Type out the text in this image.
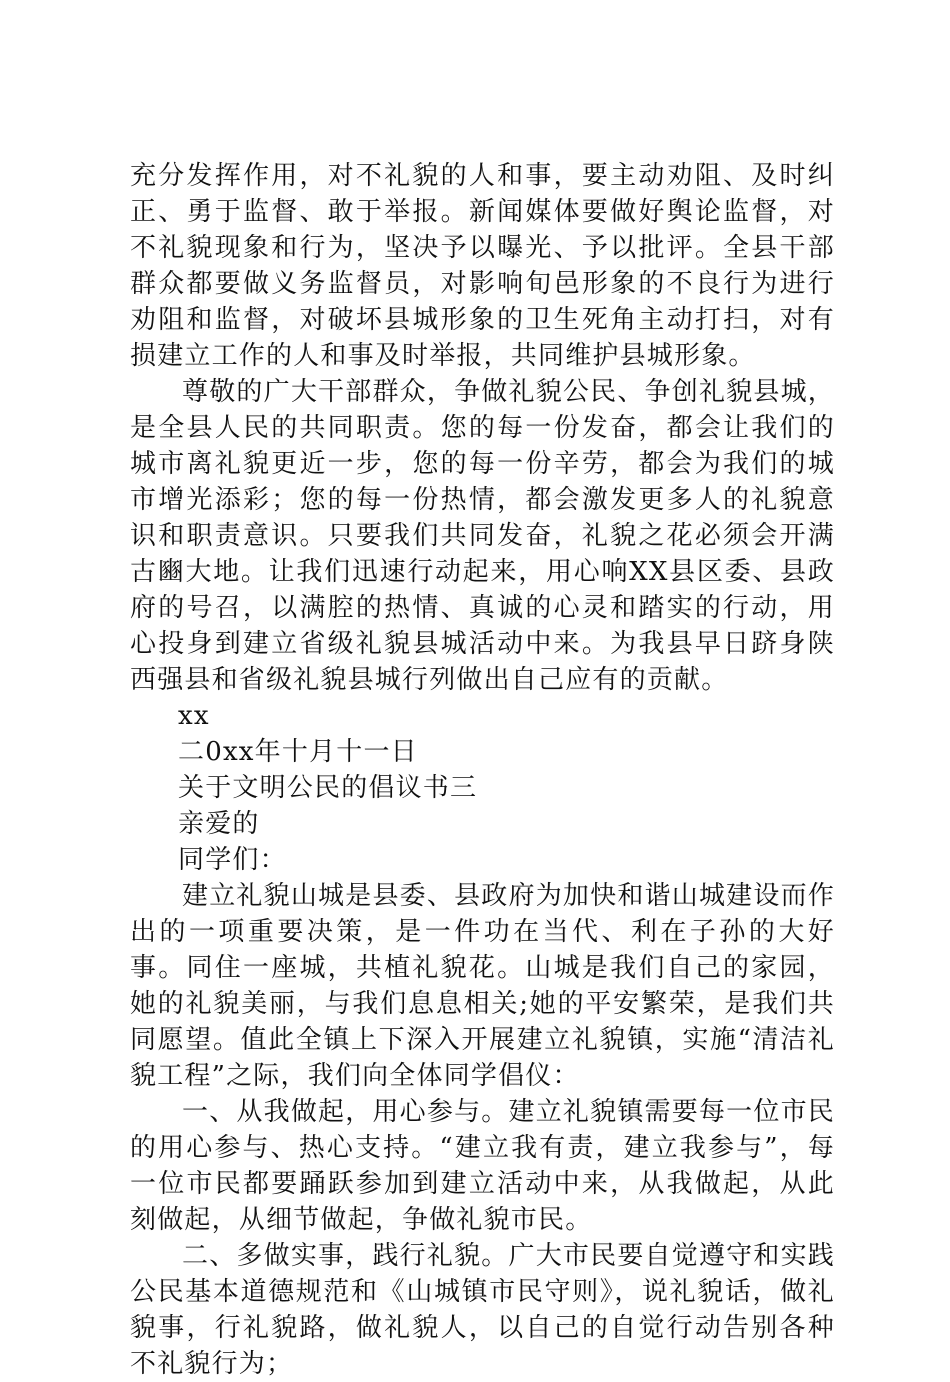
充分发挥作用，对不礼貌的人和事，要主动劝阻、及时纠正、勇于监督、敢于举报。新闻媒体要做好舆论监督，对不礼貌现象和行为，坚决予以曝光、予以批评。全县干部群众都要做义务监督员，对影响旬邑形象的不良行为进行劝阻和监督，对破坏县城形象的卫生死角主动打扫，对有损建立工作的人和事及时举报，共同维护县城形象。

尊敬的广大干部群众，争做礼貌公民、争创礼貌县城，是全县人民的共同职责。您的每一份发奋，都会让我们的城市离礼貌更近一步，您的每一份辛劳，都会为我们的城市增光添彩；您的每一份热情，都会激发更多人的礼貌意识和职责意识。只要我们共同发奋，礼貌之花必须会开满古豳大地。让我们迅速行动起来，用心响XX县区委、县政府的号召，以满腔的热情、真诚的心灵和踏实的行动，用心投身到建立省级礼貌县城活动中来。为我县早日跻身陕西强县和省级礼貌县城行列做出自己应有的贡献。

xx

二0xx年十月十一日

关于文明公民的倡议书三

亲爱的

同学们：

建立礼貌山城是县委、县政府为加快和谐山城建设而作出的一项重要决策，是一件功在当代、利在子孙的大好事。同住一座城，共植礼貌花。山城是我们自己的家园，她的礼貌美丽，与我们息息相关;她的平安繁荣，是我们共同愿望。值此全镇上下深入开展建立礼貌镇，实施“清洁礼貌工程”之际，我们向全体同学倡仪：

一、从我做起，用心参与。建立礼貌镇需要每一位市民的用心参与、热心支持。“建立我有责，建立我参与”，每一位市民都要踊跃参加到建立活动中来，从我做起，从此刻做起，从细节做起，争做礼貌市民。

二、多做实事，践行礼貌。广大市民要自觉遵守和实践公民基本道德规范和《山城镇市民守则》，说礼貌话，做礼貌事，行礼貌路，做礼貌人，以自己的自觉行动告别各种不礼貌行为；
